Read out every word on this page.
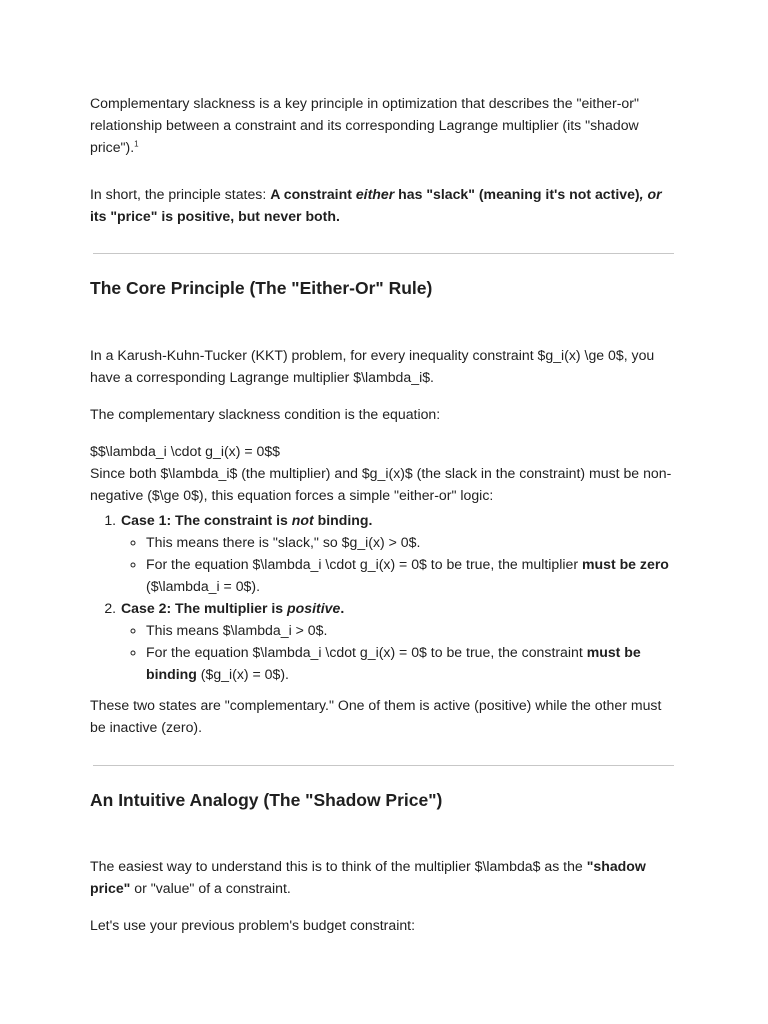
Complementary slackness is a key principle in optimization that describes the "either-or" relationship between a constraint and its corresponding Lagrange multiplier (its "shadow price").$^1$

In short, the principle states: A constraint either has "slack" (meaning it's not active), or its "price" is positive, but never both.

The Core Principle (The "Either-Or" Rule)

In a Karush-Kuhn-Tucker (KKT) problem, for every inequality constraint $g_i(x) \ge 0$, you have a corresponding Lagrange multiplier $\lambda_i$.

The complementary slackness condition is the equation:

$$\lambda_i \cdot g_i(x) = 0$$

Since both $\lambda_i$ (the multiplier) and $g_i(x)$ (the slack in the constraint) must be non-negative ($\ge 0$), this equation forces a simple "either-or" logic:

1. Case 1: The constraint is not binding.
◦ This means there is "slack," so $g_i(x) > 0$.
◦ For the equation $\lambda_i \cdot g_i(x) = 0$ to be true, the multiplier must be zero ($\lambda_i = 0$).
2. Case 2: The multiplier is positive.
◦ This means $\lambda_i > 0$.
◦ For the equation $\lambda_i \cdot g_i(x) = 0$ to be true, the constraint must be binding ($g_i(x) = 0$).

These two states are "complementary." One of them is active (positive) while the other must be inactive (zero).

An Intuitive Analogy (The "Shadow Price")

The easiest way to understand this is to think of the multiplier $\lambda$ as the "shadow price" or "value" of a constraint.

Let's use your previous problem's budget constraint:
